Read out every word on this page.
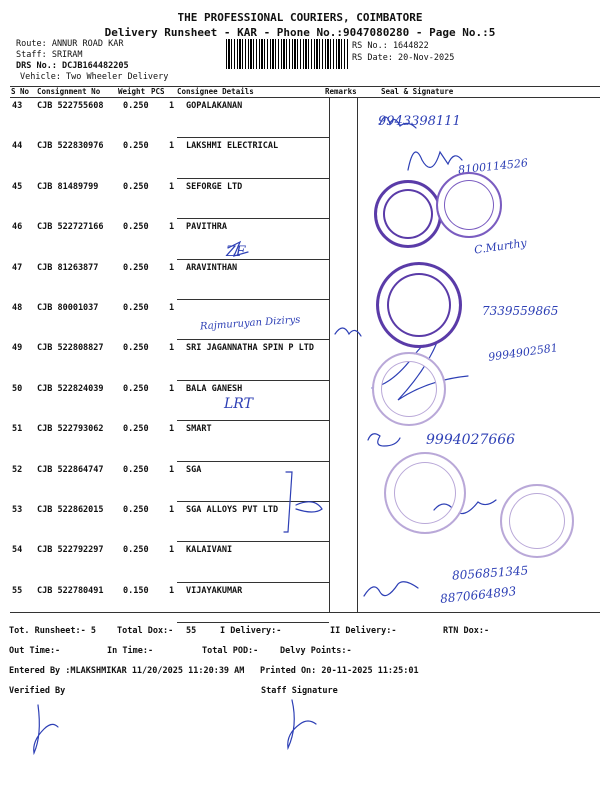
THE PROFESSIONAL COURIERS, COIMBATORE
Delivery Runsheet - KAR - Phone No.:9047080280 - Page No.:5
Route: ANNUR ROAD KAR
Staff: SRIRAM
DRS No.: DCJB164482205
Vehicle: Two Wheeler Delivery
RS No.: 1644822
RS Date: 20-Nov-2025
S No Consignment No Weight PCS Consignee Details	Remarks	Seal & Signature
43 CJB 522755608 0.250 1 GOPALAKANAN
44 CJB 522830976 0.250 1 LAKSHMI ELECTRICAL
45 CJB 81489799	0.250 1 SEFORGE LTD
46 CJB 522727166 0.250 1 PAVITHRA
47 CJB 81263877	0.250 1 ARAVINTHAN
48 CJB 80001037	0.250 1
49 CJB 522808827 0.250 1 SRI JAGANNATHA SPIN P LTD
50 CJB 522824039 0.250 1 BALA GANESH
51 CJB 522793062 0.250 1 SMART
52 CJB 522864747 0.250 1 SGA
53 CJB 522862015 0.250 1 SGA ALLOYS PVT LTD
54 CJB 522792297 0.250 1 KALAIVANI
55 CJB 522780491 0.150 1 VIJAYAKUMAR
9943398111
8100114526
ZF	C.Murthy
Rajmuruyan Dizirys
7339559865
9994902581
LRT
9994027666
8056851345
8870664893
Tot. Runsheet:- 5 Total Dox:- 55	I Delivery:-	II Delivery:-	RTN Dox:-
Out Time:-	In Time:-	Total POD:-	Delvy Points:-
Entered By :MLAKSHMIKAR 11/20/2025 11:20:39 AM Printed On: 20-11-2025 11:25:01
Verified By	Staff Signature
